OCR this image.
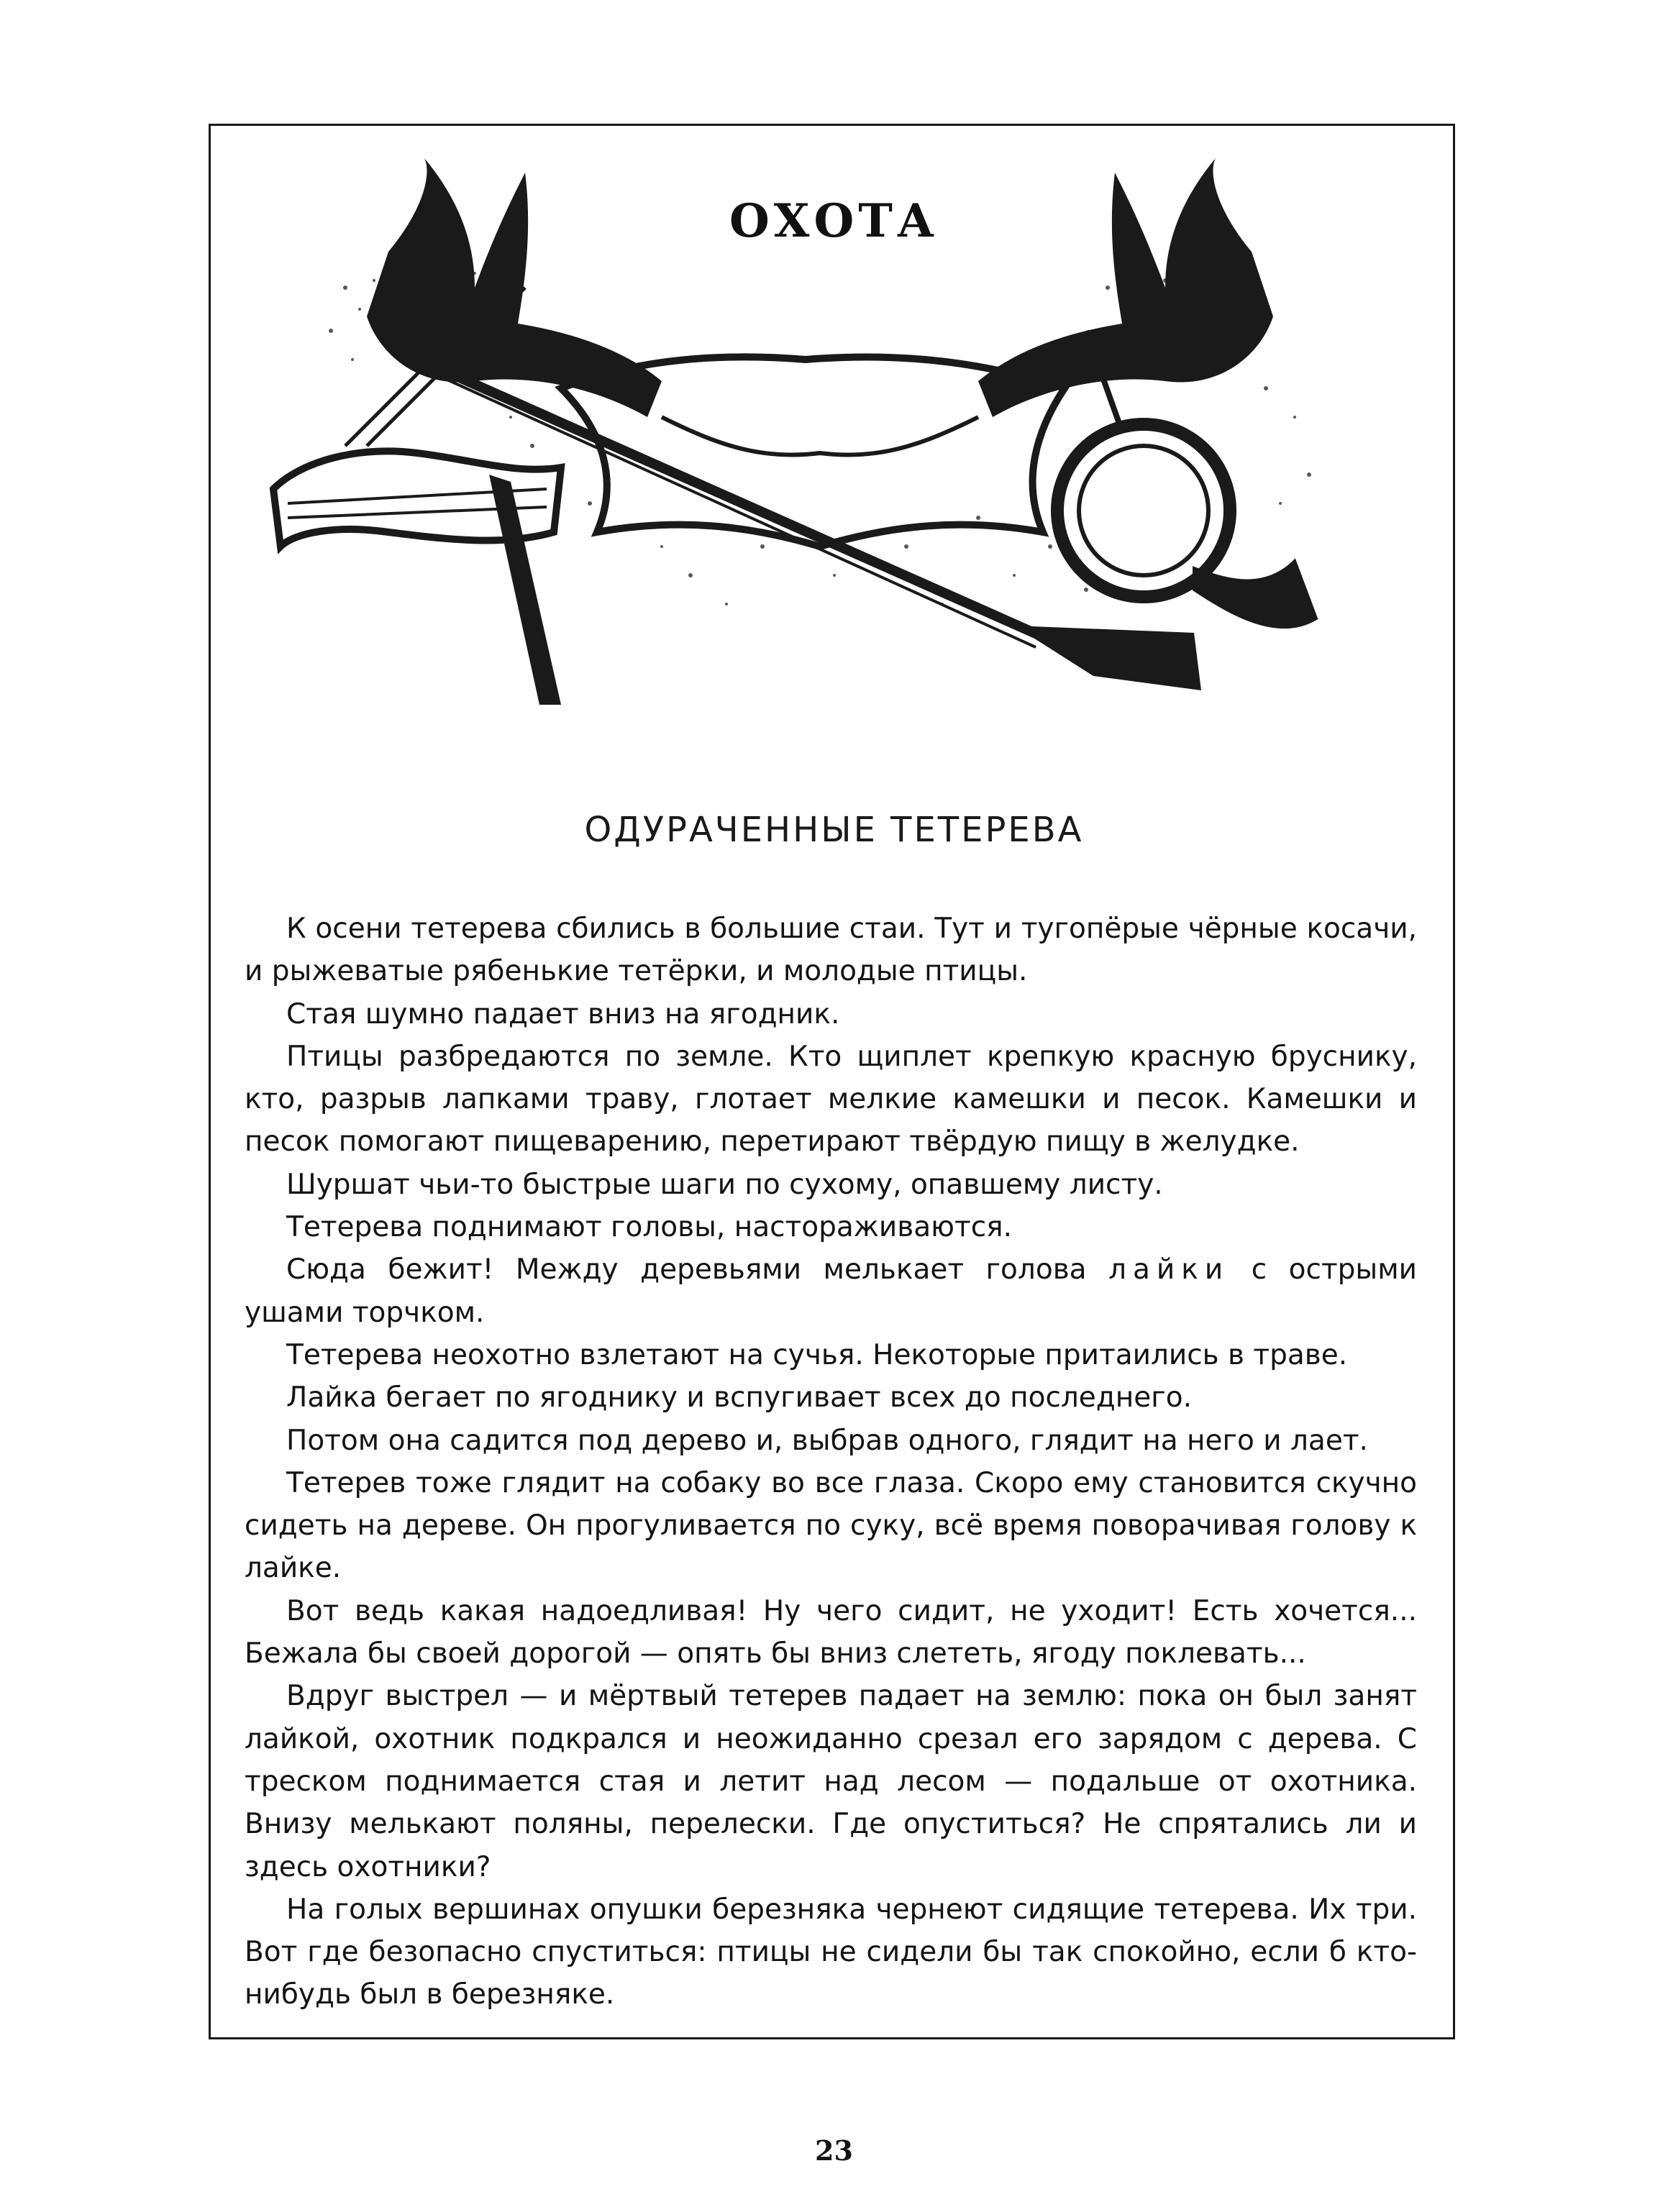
ОХОТА
ОДУРАЧЕННЫЕ ТЕТЕРЕВА

К осени тетерева сбились в большие стаи. Тут и тугопёрые чёрные косачи, и рыжеватые рябенькие тетёрки, и молодые птицы.

Стая шумно падает вниз на ягодник.

Птицы разбредаются по земле. Кто щиплет крепкую красную бруснику, кто, разрыв лапками траву, глотает мелкие камешки и песок. Камешки и песок помогают пищеварению, перетирают твёрдую пищу в желудке.

Шуршат чьи-то быстрые шаги по сухому, опавшему листу.

Тетерева поднимают головы, настораживаются.

Сюда бежит! Между деревьями мелькает голова лайки с острыми ушами торчком.

Тетерева неохотно взлетают на сучья. Некоторые притаились в траве.

Лайка бегает по ягоднику и вспугивает всех до последнего.

Потом она садится под дерево и, выбрав одного, глядит на него и лает.

Тетерев тоже глядит на собаку во все глаза. Скоро ему становится скучно сидеть на дереве. Он прогуливается по суку, всё время поворачивая голову к лайке.

Вот ведь какая надоедливая! Ну чего сидит, не уходит! Есть хочется... Бежала бы своей дорогой — опять бы вниз слететь, ягоду поклевать...

Вдруг выстрел — и мёртвый тетерев падает на землю: пока он был занят лайкой, охотник подкрался и неожиданно срезал его зарядом с дерева. С треском поднимается стая и летит над лесом — подальше от охотника. Внизу мелькают поляны, перелески. Где опуститься? Не спрятались ли и здесь охотники?

На голых вершинах опушки березняка чернеют сидящие тетерева. Их три. Вот где безопасно спуститься: птицы не сидели бы так спокойно, если б кто-нибудь был в березняке.

23
